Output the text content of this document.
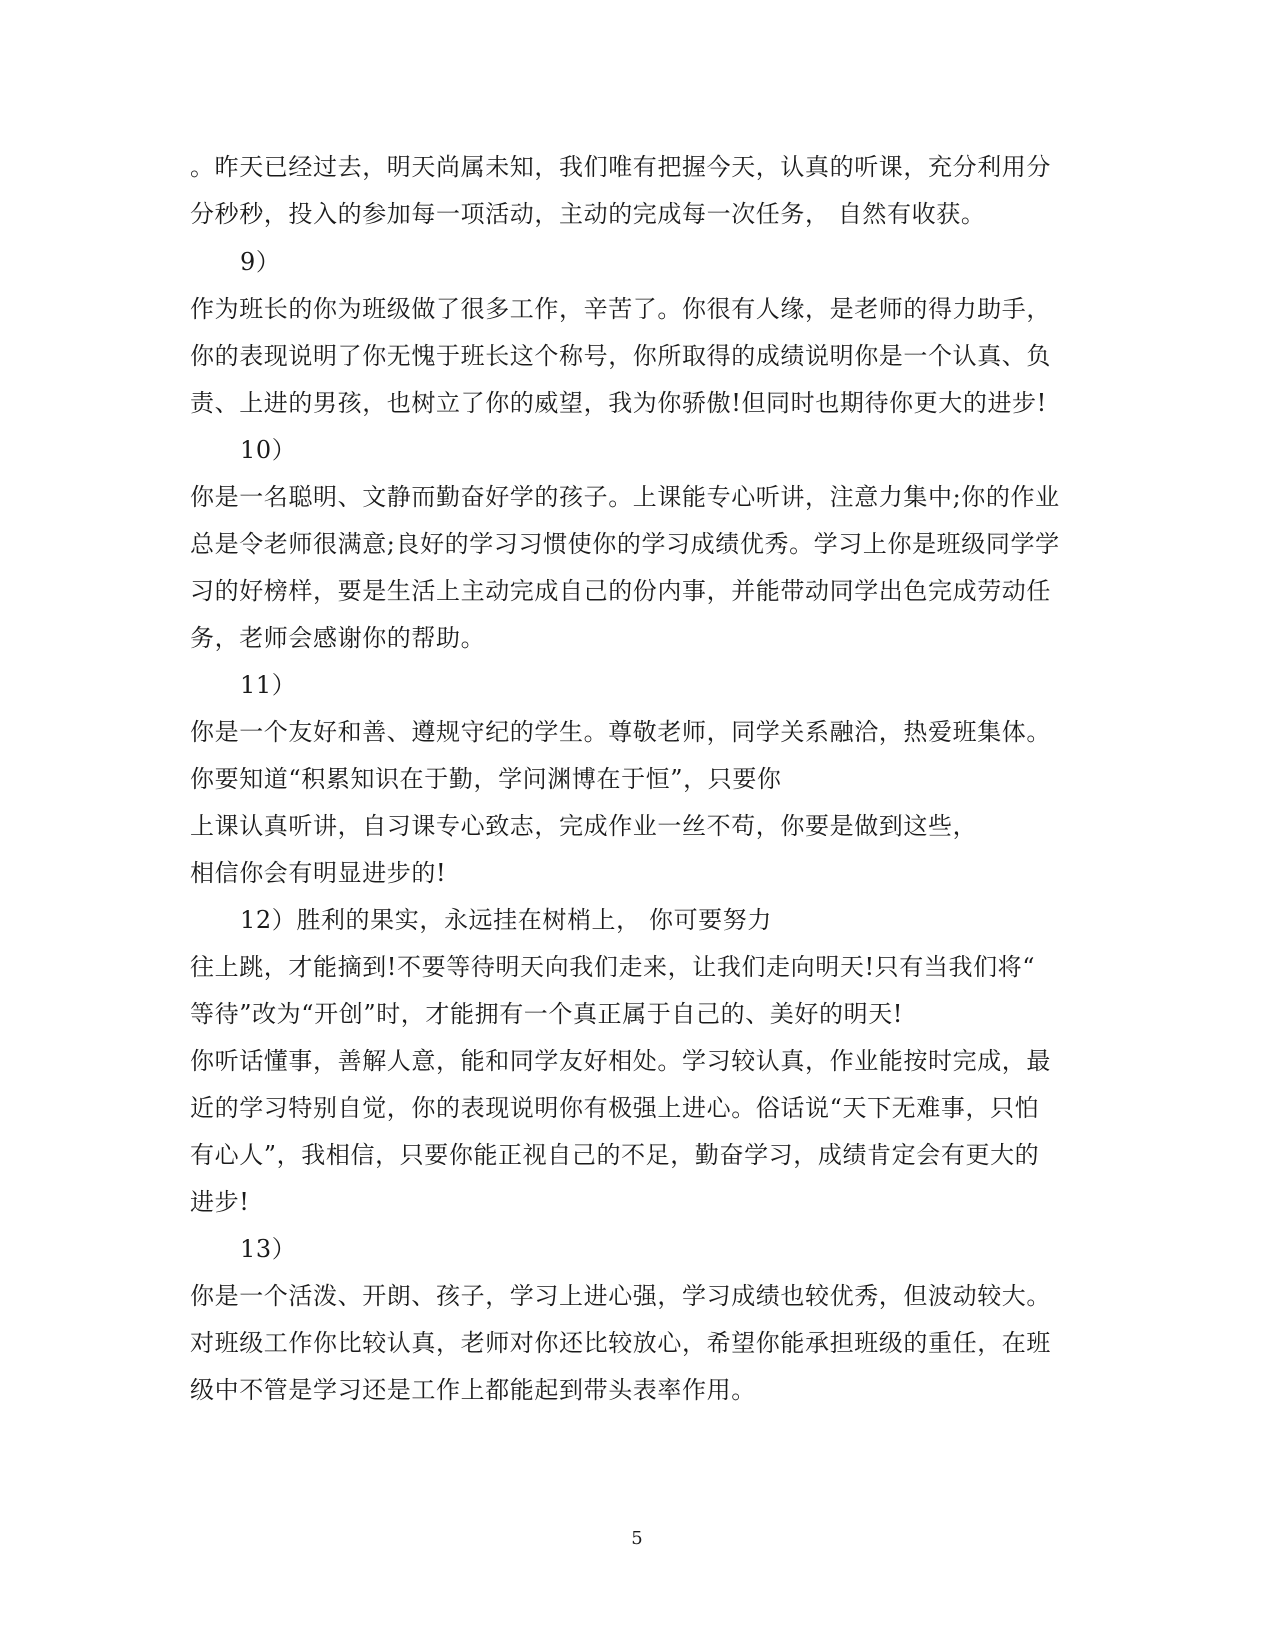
。昨天已经过去，明天尚属未知，我们唯有把握今天，认真的听课，充分利用分
分秒秒，投入的参加每一项活动，主动的完成每一次任务， 自然有收获。
9）
作为班长的你为班级做了很多工作，辛苦了。你很有人缘，是老师的得力助手，
你的表现说明了你无愧于班长这个称号，你所取得的成绩说明你是一个认真、负
责、上进的男孩，也树立了你的威望，我为你骄傲!但同时也期待你更大的进步!
10）
你是一名聪明、文静而勤奋好学的孩子。上课能专心听讲，注意力集中;你的作业
总是令老师很满意;良好的学习习惯使你的学习成绩优秀。学习上你是班级同学学
习的好榜样，要是生活上主动完成自己的份内事，并能带动同学出色完成劳动任
务，老师会感谢你的帮助。
11）
你是一个友好和善、遵规守纪的学生。尊敬老师，同学关系融洽，热爱班集体。
你要知道“积累知识在于勤，学问渊博在于恒”，只要你
上课认真听讲，自习课专心致志，完成作业一丝不苟，你要是做到这些，
相信你会有明显进步的!
12）胜利的果实，永远挂在树梢上， 你可要努力
往上跳，才能摘到!不要等待明天向我们走来，让我们走向明天!只有当我们将“
等待”改为“开创”时，才能拥有一个真正属于自己的、美好的明天!
你听话懂事，善解人意，能和同学友好相处。学习较认真，作业能按时完成，最
近的学习特别自觉，你的表现说明你有极强上进心。俗话说“天下无难事，只怕
有心人”，我相信，只要你能正视自己的不足，勤奋学习，成绩肯定会有更大的
进步!
13）
你是一个活泼、开朗、孩子，学习上进心强，学习成绩也较优秀，但波动较大。
对班级工作你比较认真，老师对你还比较放心，希望你能承担班级的重任，在班
级中不管是学习还是工作上都能起到带头表率作用。
5
